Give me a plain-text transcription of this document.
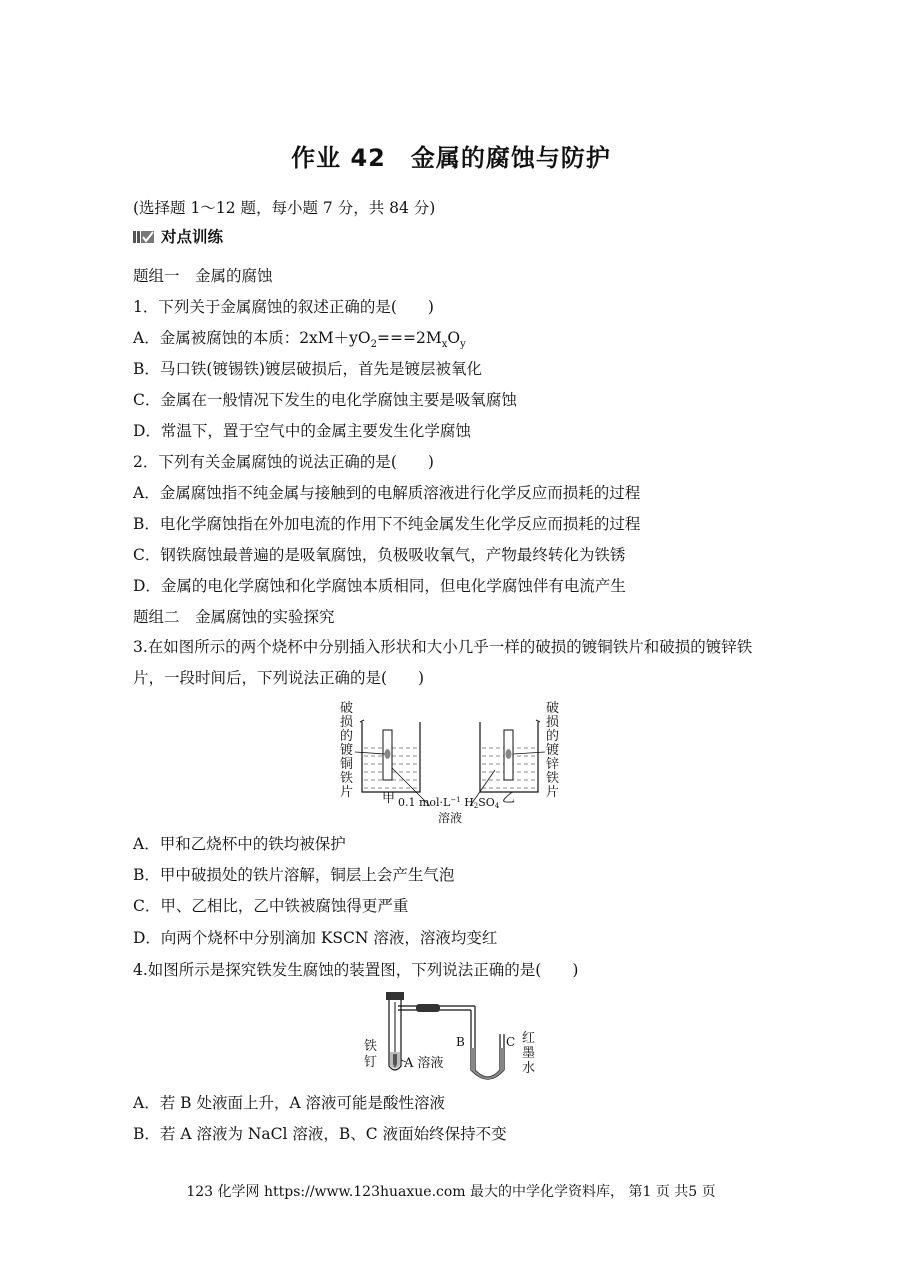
作业 42　金属的腐蚀与防护
(选择题 1～12 题，每小题 7 分，共 84 分)
对点训练
题组一　金属的腐蚀
1．下列关于金属腐蚀的叙述正确的是(　　)
A．金属被腐蚀的本质：$2xM+yO_2===2M_xO_y$
B．马口铁(镀锡铁)镀层破损后，首先是镀层被氧化
C．金属在一般情况下发生的电化学腐蚀主要是吸氧腐蚀
D．常温下，置于空气中的金属主要发生化学腐蚀
2．下列有关金属腐蚀的说法正确的是(　　)
A．金属腐蚀指不纯金属与接触到的电解质溶液进行化学反应而损耗的过程
B．电化学腐蚀指在外加电流的作用下不纯金属发生化学反应而损耗的过程
C．钢铁腐蚀最普遍的是吸氧腐蚀，负极吸收氧气，产物最终转化为铁锈
D．金属的电化学腐蚀和化学腐蚀本质相同，但电化学腐蚀伴有电流产生
题组二　金属腐蚀的实验探究
3.在如图所示的两个烧杯中分别插入形状和大小几乎一样的破损的镀铜铁片和破损的镀锌铁片，一段时间后，下列说法正确的是(　　)
破
损
的
镀
铜
铁
片
破
损
的
镀
锌
铁
片
甲	乙
0.1 $mol\cdot L^{-1}$ H2SO4
溶液
A．甲和乙烧杯中的铁均被保护
B．甲中破损处的铁片溶解，铜层上会产生气泡
C．甲、乙相比，乙中铁被腐蚀得更严重
D．向两个烧杯中分别滴加 KSCN 溶液，溶液均变红
4.如图所示是探究铁发生腐蚀的装置图，下列说法正确的是(　　)
铁
钉 A 溶液
B	C 红
墨
水
A．若 B 处液面上升，A 溶液可能是酸性溶液
B．若 A 溶液为 NaCl 溶液，B、C 液面始终保持不变
123 化学网 https://www.123huaxue.com 最大的中学化学资料库， 第1 页 共5 页
